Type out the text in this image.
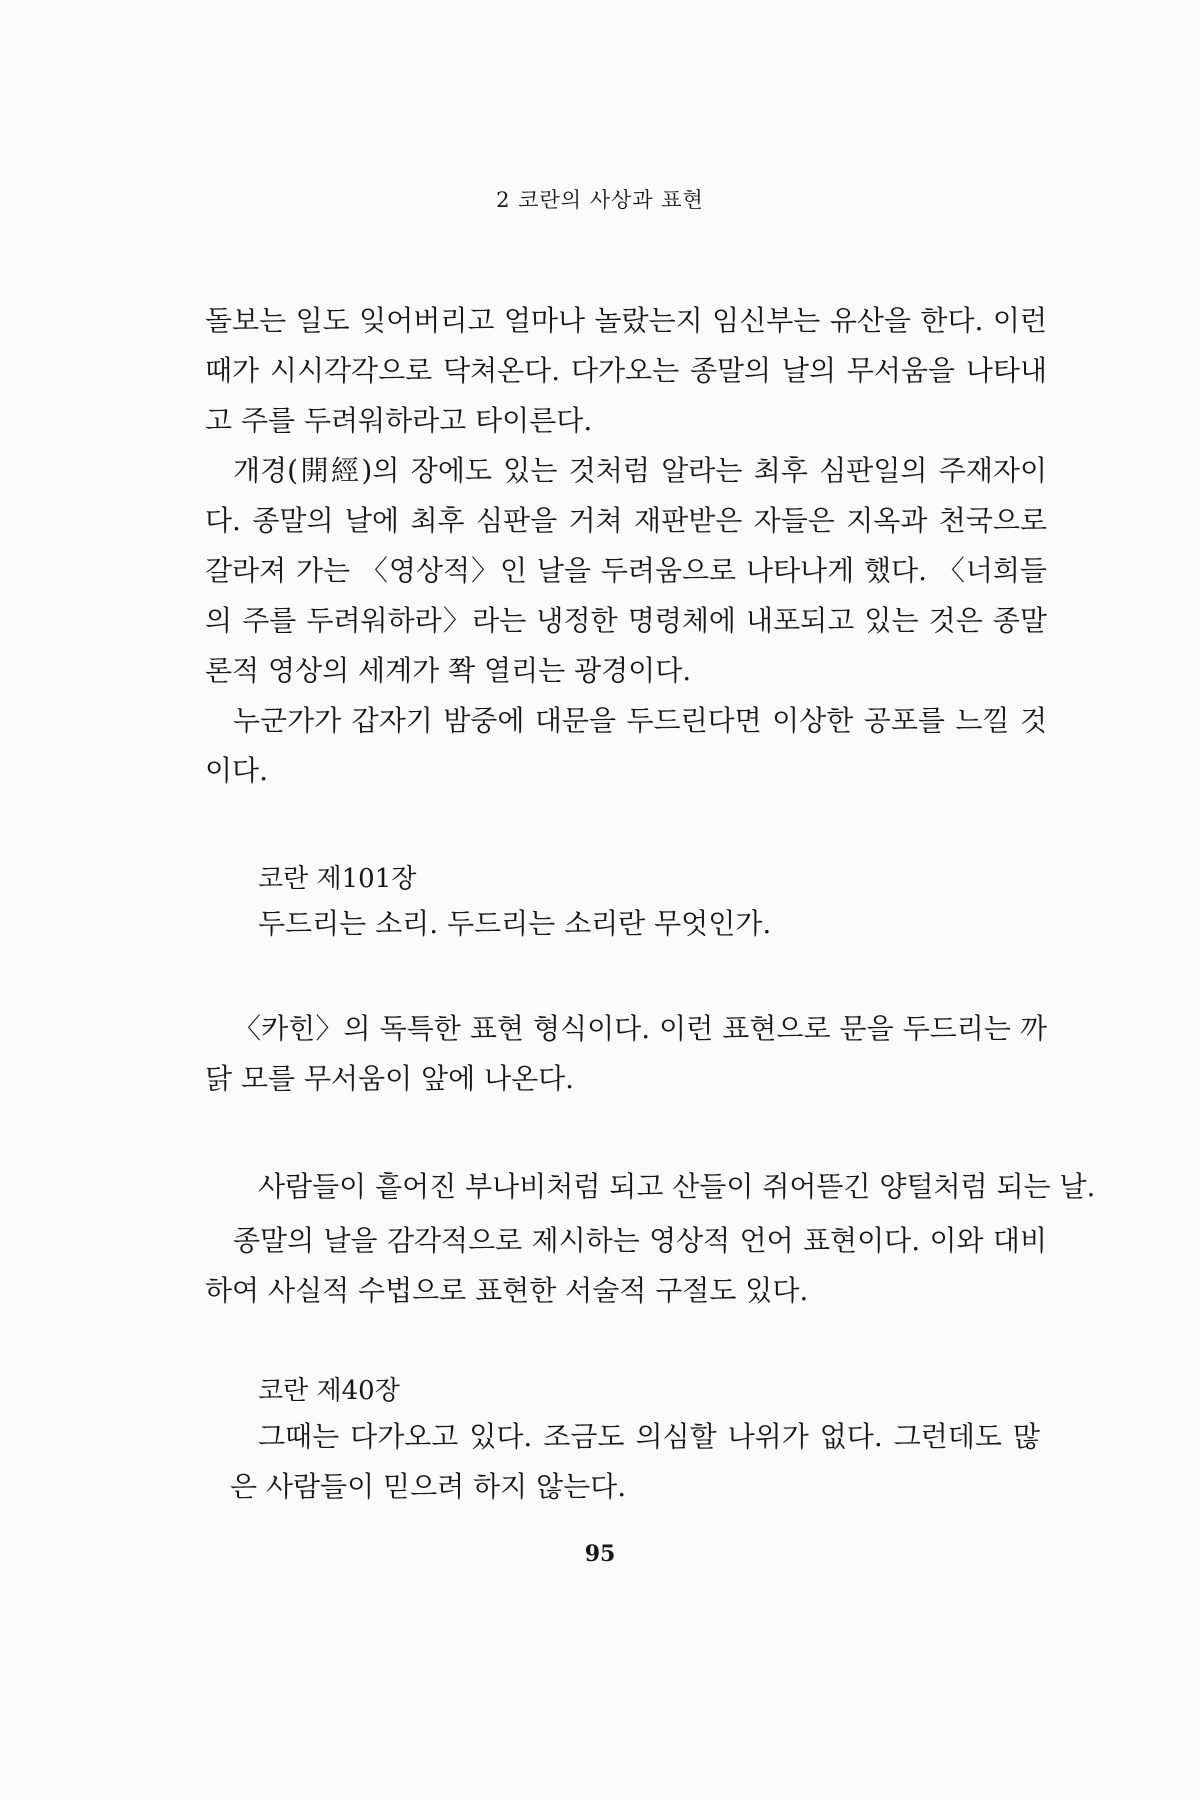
2 코란의 사상과 표현

돌보는 일도 잊어버리고 얼마나 놀랐는지 임신부는 유산을 한다. 이런 때가 시시각각으로 닥쳐온다. 다가오는 종말의 날의 무서움을 나타내고 주를 두려워하라고 타이른다.

개경(開經)의 장에도 있는 것처럼 알라는 최후 심판일의 주재자이다. 종말의 날에 최후 심판을 거쳐 재판받은 자들은 지옥과 천국으로 갈라져 가는 〈영상적〉인 날을 두려움으로 나타나게 했다. 〈너희들의 주를 두려워하라〉라는 냉정한 명령체에 내포되고 있는 것은 종말론적 영상의 세계가 쫙 열리는 광경이다.

누군가가 갑자기 밤중에 대문을 두드린다면 이상한 공포를 느낄 것이다.

코란 제101장
두드리는 소리. 두드리는 소리란 무엇인가.

〈카힌〉의 독특한 표현 형식이다. 이런 표현으로 문을 두드리는 까닭 모를 무서움이 앞에 나온다.

사람들이 흩어진 부나비처럼 되고 산들이 쥐어뜯긴 양털처럼 되는 날.

종말의 날을 감각적으로 제시하는 영상적 언어 표현이다. 이와 대비하여 사실적 수법으로 표현한 서술적 구절도 있다.

코란 제40장

그때는 다가오고 있다. 조금도 의심할 나위가 없다. 그런데도 많은 사람들이 믿으려 하지 않는다.

95
